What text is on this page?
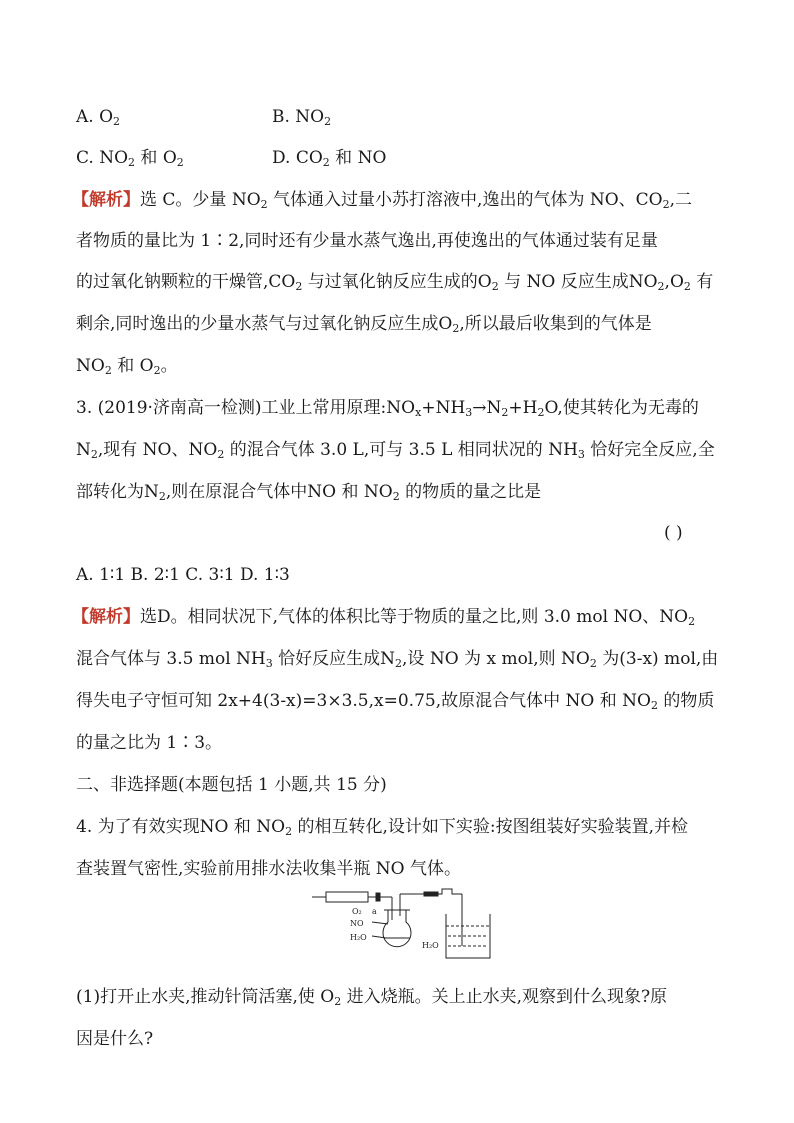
A. $O_2$	B. $NO_2$
C. $NO_2$ 和 $O_2$	D. $CO_2$ 和 NO
【解析】选 C。少量 $NO_2$ 气体通入过量小苏打溶液中,逸出的气体为 NO、$CO_2$,二
者物质的量比为 1∶2,同时还有少量水蒸气逸出,再使逸出的气体通过装有足量
的过氧化钠颗粒的干燥管$,CO_2$ 与过氧化钠反应生成的$O_2$ 与 NO 反应生成$NO_2,O_2$ 有
剩余,同时逸出的少量水蒸气与过氧化钠反应生成$O_2$,所以最后收集到的气体是
$NO_2$ 和 $O_2$。
3. (2019·济南高一检测)工业上常用原理$:NO_x+NH_3\to N_2+H_2O$,使其转化为无毒的
$N_2$,现有 NO、$NO_2$ 的混合气体 3.0 L,可与 3.5 L 相同状况的 $NH_3$ 恰好完全反应,全
部转化为$N_2$,则在原混合气体中NO 和 $NO_2$ 的物质的量之比是
( )
A. 1∶1 B. 2∶1 C. 3∶1 D. 1∶3
【解析】选D。相同状况下,气体的体积比等于物质的量之比,则 3.0 mol NO、$NO_2$
混合气体与 3.5 mol $NH_3$ 恰好反应生成$N_2$,设 NO 为 x mol,则 $NO_2$ 为(3-x) mol,由
得失电子守恒可知 2x+4(3-x)=3×3.5,x=0.75,故原混合气体中 NO 和 $NO_2$ 的物质
的量之比为 1∶3。
二、非选择题(本题包括 1 小题,共 15 分)
4. 为了有效实现NO 和 $NO_2$ 的相互转化,设计如下实验:按图组装好实验装置,并检
查装置气密性,实验前用排水法收集半瓶 NO 气体。
O₂ a
NO
H₂O
H₂O
(1)打开止水夹,推动针筒活塞,使 $O_2$ 进入烧瓶。关上止水夹,观察到什么现象?原
因是什么?
